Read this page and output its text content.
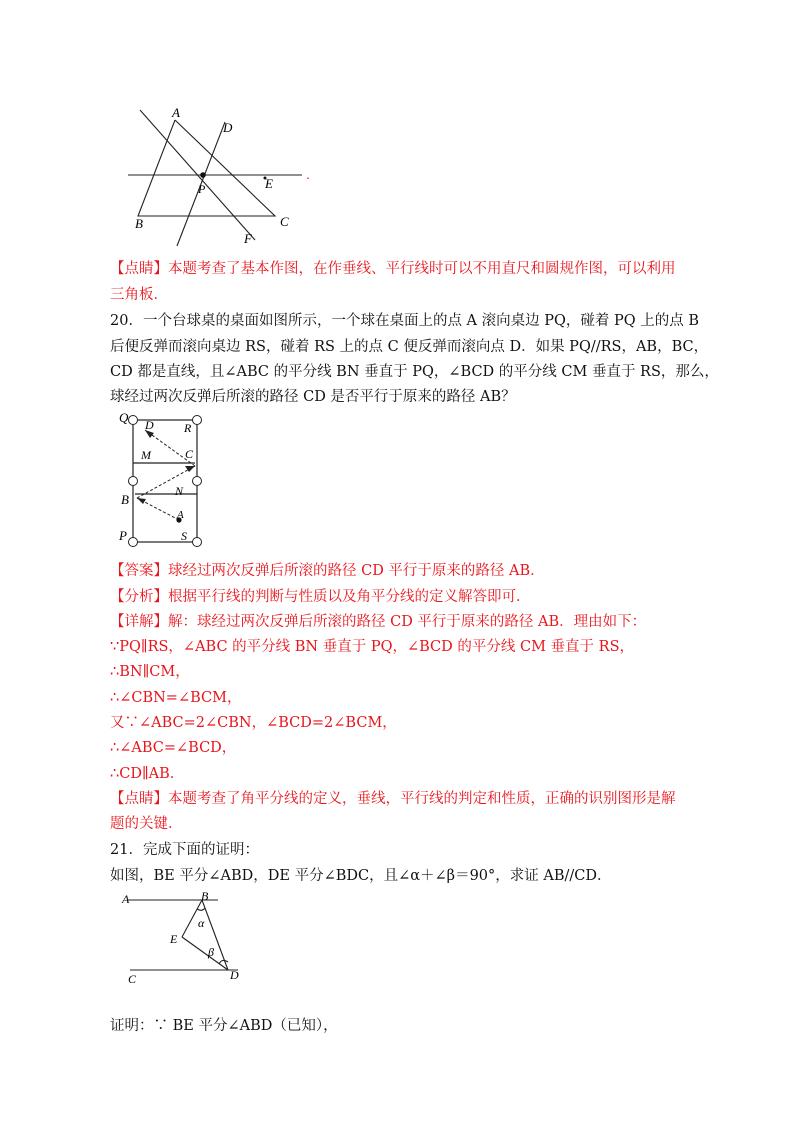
A
D
P	E
B	C
F
.
【点睛】本题考查了基本作图，在作垂线、平行线时可以不用直尺和圆规作图，可以利用
三角板．
20．一个台球桌的桌面如图所示，一个球在桌面上的点 A 滚向桌边 PQ，碰着 PQ 上的点 B
后便反弹而滚向桌边 RS，碰着 RS 上的点 C 便反弹而滚向点 D．如果 PQ//RS，AB，BC，
CD 都是直线，且∠ABC 的平分线 BN 垂直于 PQ，∠BCD 的平分线 CM 垂直于 RS，那么，
球经过两次反弹后所滚的路径 CD 是否平行于原来的路径 AB？
Q D	R
M	C
B
N
A
P	S
【答案】球经过两次反弹后所滚的路径 CD 平行于原来的路径 AB．
【分析】根据平行线的判断与性质以及角平分线的定义解答即可．
【详解】解：球经过两次反弹后所滚的路径 CD 平行于原来的路径 AB．理由如下：
∵PQ∥RS，∠ABC 的平分线 BN 垂直于 PQ，∠BCD 的平分线 CM 垂直于 RS，
∴BN∥CM，
∴∠CBN=∠BCM，
又∵∠ABC=2∠CBN，∠BCD=2∠BCM，
∴∠ABC=∠BCD，
∴CD∥AB．
【点睛】本题考查了角平分线的定义，垂线，平行线的判定和性质，正确的识别图形是解
题的关键．
21．完成下面的证明：
如图，BE 平分∠ABD，DE 平分∠BDC，且∠α＋∠β＝90°，求证 AB//CD．
A	B
E
α
β
C	D
证明：∵ BE 平分∠ABD（已知），
